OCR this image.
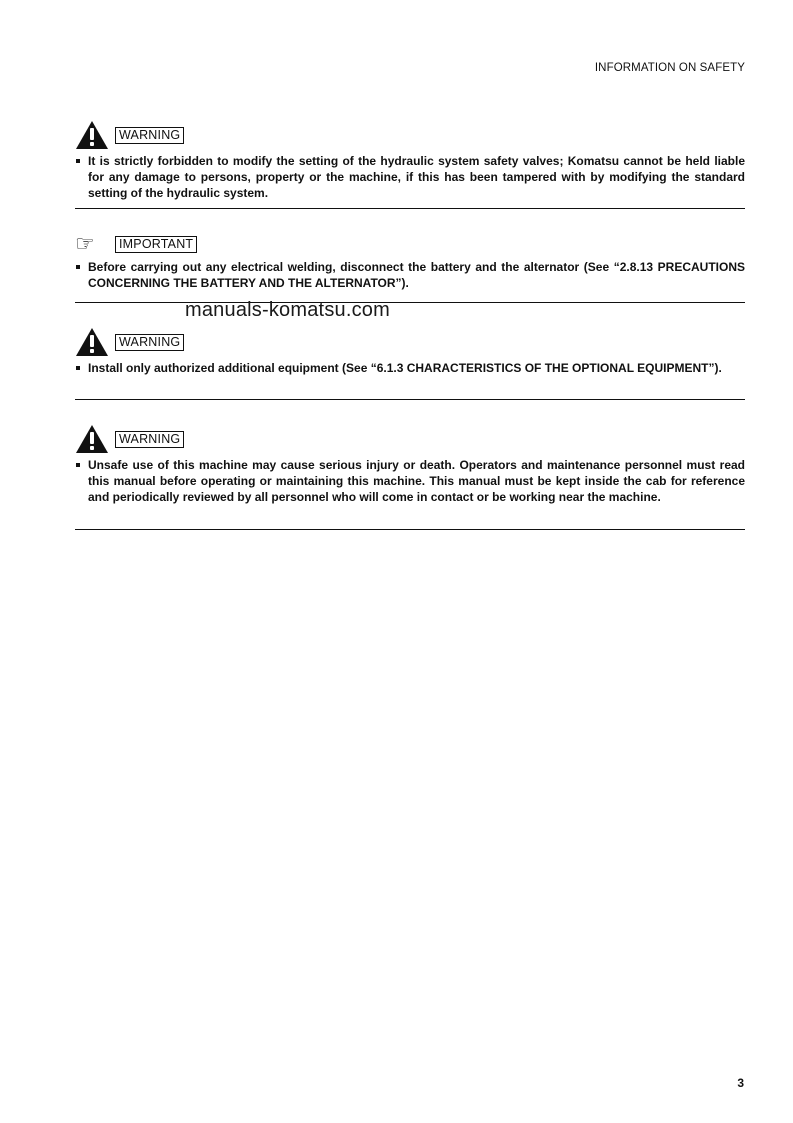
INFORMATION ON SAFETY
WARNING
It is strictly forbidden to modify the setting of the hydraulic system safety valves; Komatsu cannot be held liable for any damage to persons, property or the machine, if this has been tampered with by modifying the standard setting of the hydraulic system.
☞	IMPORTANT
Before carrying out any electrical welding, disconnect the battery and the alternator (See “2.8.13 PRECAUTIONS CONCERNING THE BATTERY AND THE ALTERNATOR”).
manuals-komatsu.com
WARNING
Install only authorized additional equipment (See “6.1.3 CHARACTERISTICS OF THE OPTIONAL EQUIPMENT”).
WARNING
Unsafe use of this machine may cause serious injury or death. Operators and maintenance personnel must read this manual before operating or maintaining this machine. This manual must be kept inside the cab for reference and periodically reviewed by all personnel who will come in contact or be working near the machine.
3
